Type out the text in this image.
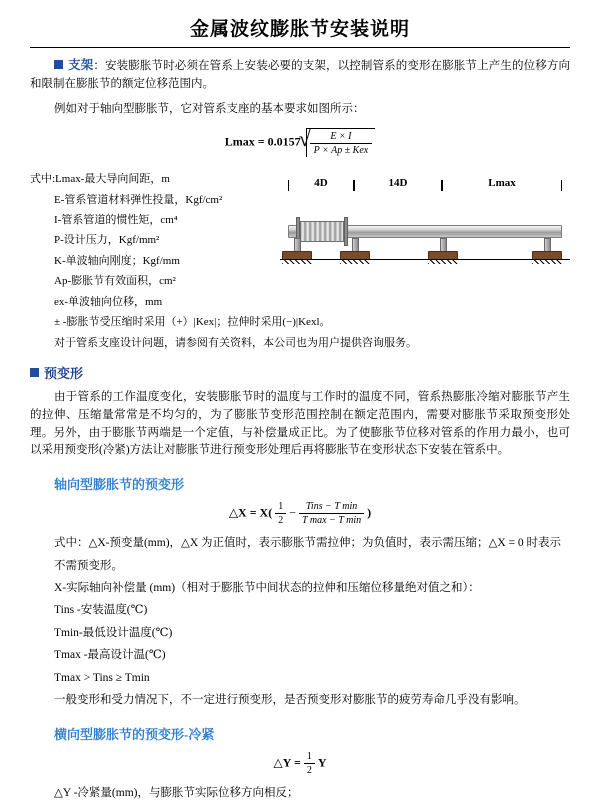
金属波纹膨胀节安装说明
支架：安装膨胀节时必须在管系上安装必要的支架，以控制管系的变形在膨胀节上产生的位移方向和限制在膨胀节的额定位移范围内。
例如对于轴向型膨胀节，它对管系支座的基本要求如图所示：
Lmax = 0.0157 √ $\frac{E \times I}{\text{P × Ap ± Kex}}$
式中:Lmax-最大导向间距，m
E-管系管道材料弹性投量，Kgf/cm²
I-管系管道的惯性矩，cm⁴
P-设计压力，Kgf/mm²
K-单波轴向刚度；Kgf/mm
Ap-膨胀节有效面积，cm²
ex-单波轴向位移，mm
± -膨胀节受压缩时采用（+）|Kex|；拉伸时采用(−)|Kexl。
4D	14D	Lmax
对于管系支座设计问题，请参阅有关资料，本公司也为用户提供咨询服务。
预变形
由于管系的工作温度变化，安装膨胀节时的温度与工作时的温度不同，管系热膨胀冷缩对膨胀节产生的拉伸、压缩量常常是不均匀的，为了膨胀节变形范围控制在额定范围内，需要对膨胀节采取预变形处理。另外，由于膨胀节两端是一个定值，与补偿量成正比。为了使膨胀节位移对管系的作用力最小，也可以采用预变形(冷紧)方法让对膨胀节进行预变形处理后再将膨胀节在变形状态下安装在管系中。
轴向型膨胀节的预变形
△X = $X( \frac{1}{2} - \frac{\text{Tins − T min}}{\text{T max − T min}}$ )
式中：△X-预变量(mm)，△X 为正值时，表示膨胀节需拉伸；为负值时，表示需压缩；△X = 0 时表示不需预变形。
X-实际轴向补偿量 (mm)（相对于膨胀节中间状态的拉伸和压缩位移量绝对值之和）：
Tins -安装温度(℃)
Tmin-最低设计温度(℃)
Tmax -最高设计温(℃)
Tmax > Tins ≥ Tmin
一般变形和受力情况下，不一定进行预变形，是否预变形对膨胀节的疲劳寿命几乎没有影响。
横向型膨胀节的预变形-冷紧
△Y = $\frac{1}{2}$ Y
△Y -冷紧量(mm)，与膨胀节实际位移方向相反；
